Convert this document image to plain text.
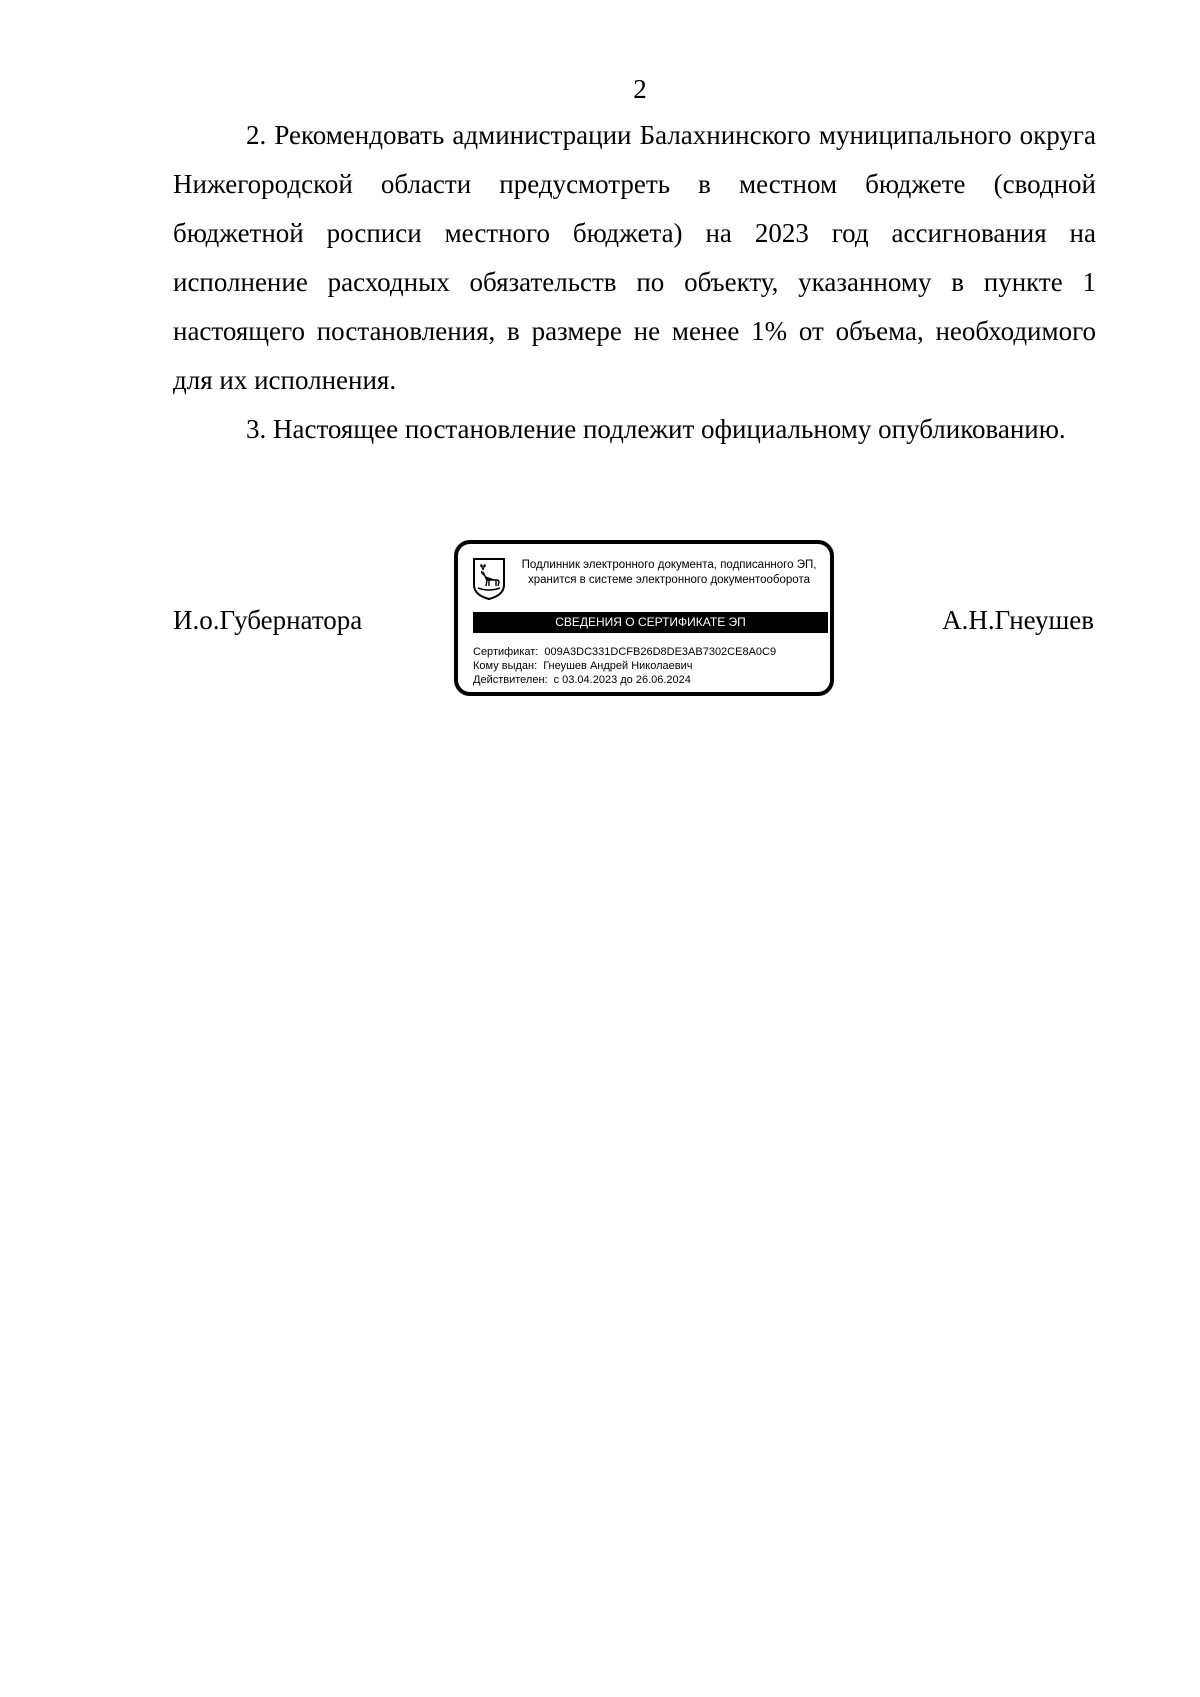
2

2. Рекомендовать администрации Балахнинского муниципального округа Нижегородской области предусмотреть в местном бюджете (сводной бюджетной росписи местного бюджета) на 2023 год ассигнования на исполнение расходных обязательств по объекту, указанному в пункте 1 настоящего постановления, в размере не менее 1% от объема, необходимого для их исполнения.

3. Настоящее постановление подлежит официальному опубликованию.

И.о.Губернатора
Подлинник электронного документа, подписанного ЭП,
хранится в системе электронного документооборота
СВЕДЕНИЯ О СЕРТИФИКАТЕ ЭП
Сертификат: 009A3DC331DCFB26D8DE3AB7302CE8A0C9
Кому выдан: Гнеушев Андрей Николаевич
Действителен: с 03.04.2023 до 26.06.2024
А.Н.Гнеушев
